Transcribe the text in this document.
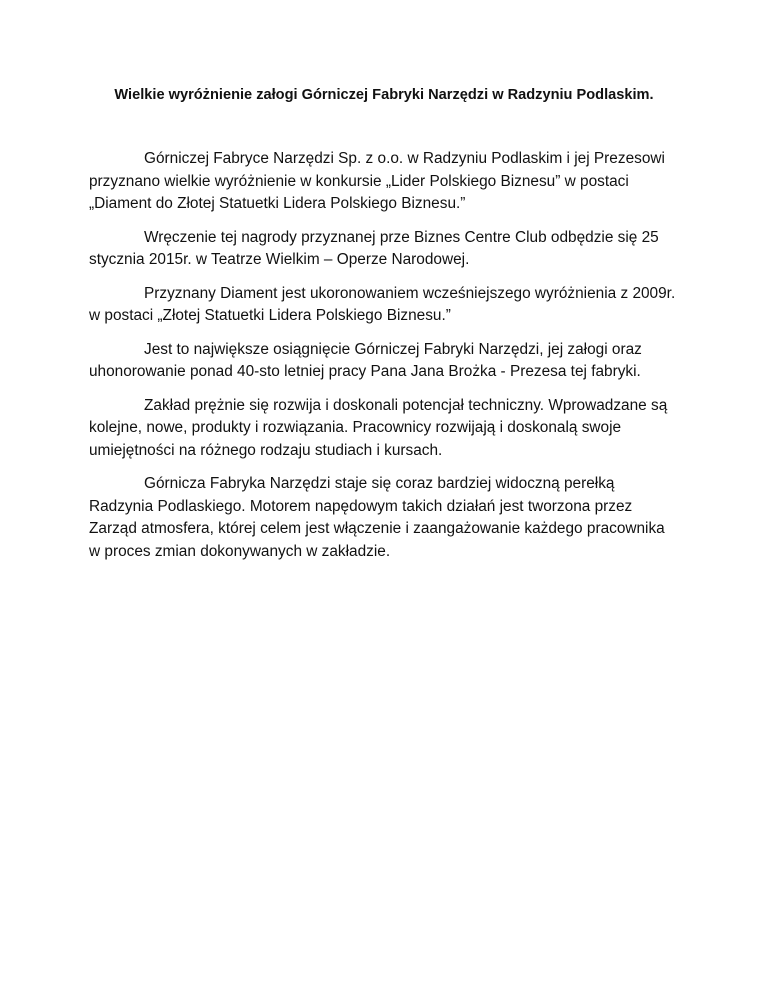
Wielkie wyróżnienie załogi Górniczej Fabryki Narzędzi w Radzyniu Podlaskim.

Górniczej Fabryce Narzędzi Sp. z o.o. w Radzyniu Podlaskim i jej Prezesowi przyznano wielkie wyróżnienie w konkursie „Lider Polskiego Biznesu” w postaci „Diament do Złotej Statuetki Lidera Polskiego Biznesu.”

Wręczenie tej nagrody przyznanej prze Biznes Centre Club odbędzie się 25 stycznia 2015r. w Teatrze Wielkim – Operze Narodowej.

Przyznany Diament jest ukoronowaniem wcześniejszego wyróżnienia z 2009r. w postaci „Złotej Statuetki Lidera Polskiego Biznesu.”

Jest to największe osiągnięcie Górniczej Fabryki Narzędzi, jej załogi oraz uhonorowanie ponad 40-sto letniej pracy Pana Jana Brożka - Prezesa tej fabryki.

Zakład prężnie się rozwija i doskonali potencjał techniczny. Wprowadzane są kolejne, nowe, produkty i rozwiązania. Pracownicy rozwijają i doskonalą swoje umiejętności na różnego rodzaju studiach i kursach.

Górnicza Fabryka Narzędzi staje się coraz bardziej widoczną perełką Radzynia Podlaskiego. Motorem napędowym takich działań jest tworzona przez Zarząd atmosfera, której celem jest włączenie i zaangażowanie każdego pracownika w proces zmian dokonywanych w zakładzie.
